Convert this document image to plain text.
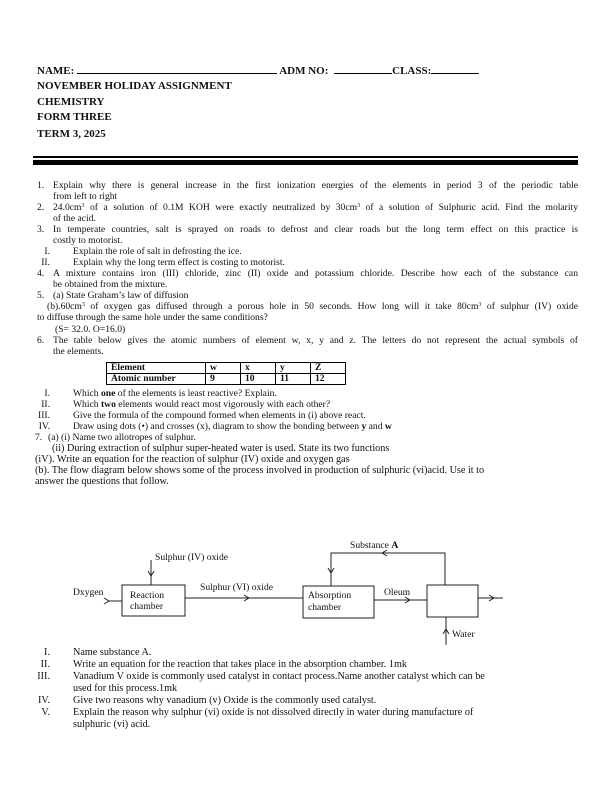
NAME:	ADM NO:	CLASS:
NOVEMBER HOLIDAY ASSIGNMENT
CHEMISTRY
FORM THREE
TERM 3, 2025
1. Explain why there is general increase in the first ionization energies of the elements in period 3 of the periodic table
from left to right
2. $24.0cm^3$ of a solution of 0.1M KOH were exactly neutralized by $30cm^3$ of a solution of Sulphuric acid. Find the molarity
of the acid.
3. In temperate countries, salt is sprayed on roads to defrost and clear roads but the long term effect on this practice is
costly to motorist.
I. Explain the role of salt in defrosting the ice.
II. Explain why the long term effect is costing to motorist.
4. A mixture contains iron (III) chloride, zinc (II) oxide and potassium chloride. Describe how each of the substance can
be obtained from the mixture.
5. (a) State Graham’s law of diffusion
$(b).60cm^3$ of oxygen gas diffused through a porous hole in 50 seconds. How long will it take $80cm^3$ of sulphur (IV) oxide
to diffuse through the same hole under the same conditions?
(S= 32.0. O=16.0)
6. The table below gives the atomic numbers of element w, x, y and z. The letters do not represent the actual symbols of
the elements.
Element	w	x	y	Z
Atomic number	9	10	11	12
I. Which one of the elements is least reactive? Explain.
II. Which two elements would react most vigorously with each other?
III. Give the formula of the compound formed when elements in (i) above react.
IV. Draw using dots (•) and crosses (x), diagram to show the bonding between y and w
7. (a) (i) Name two allotropes of sulphur.
(ii) During extraction of sulphur super-heated water is used. State its two functions
(iV). Write an equation for the reaction of sulphur (IV) oxide and oxygen gas
(b). The flow diagram below shows some of the process involved in production of sulphuric (vi)acid. Use it to
answer the questions that follow.
Dxygen
Sulphur (IV) oxide
Reaction
chamber
Sulphur (VI) oxide
Absorption
chamber
Oleum
Substance A
Water
I. Name substance A.
II. Write an equation for the reaction that takes place in the absorption chamber. 1mk
III. Vanadium V oxide is commonly used catalyst in contact process.Name another catalyst which can be
used for this process.1mk
IV. Give two reasons why vanadium (v) Oxide is the commonly used catalyst.
V. Explain the reason why sulphur (vi) oxide is not dissolved directly in water during manufacture of
sulphuric (vi) acid.
